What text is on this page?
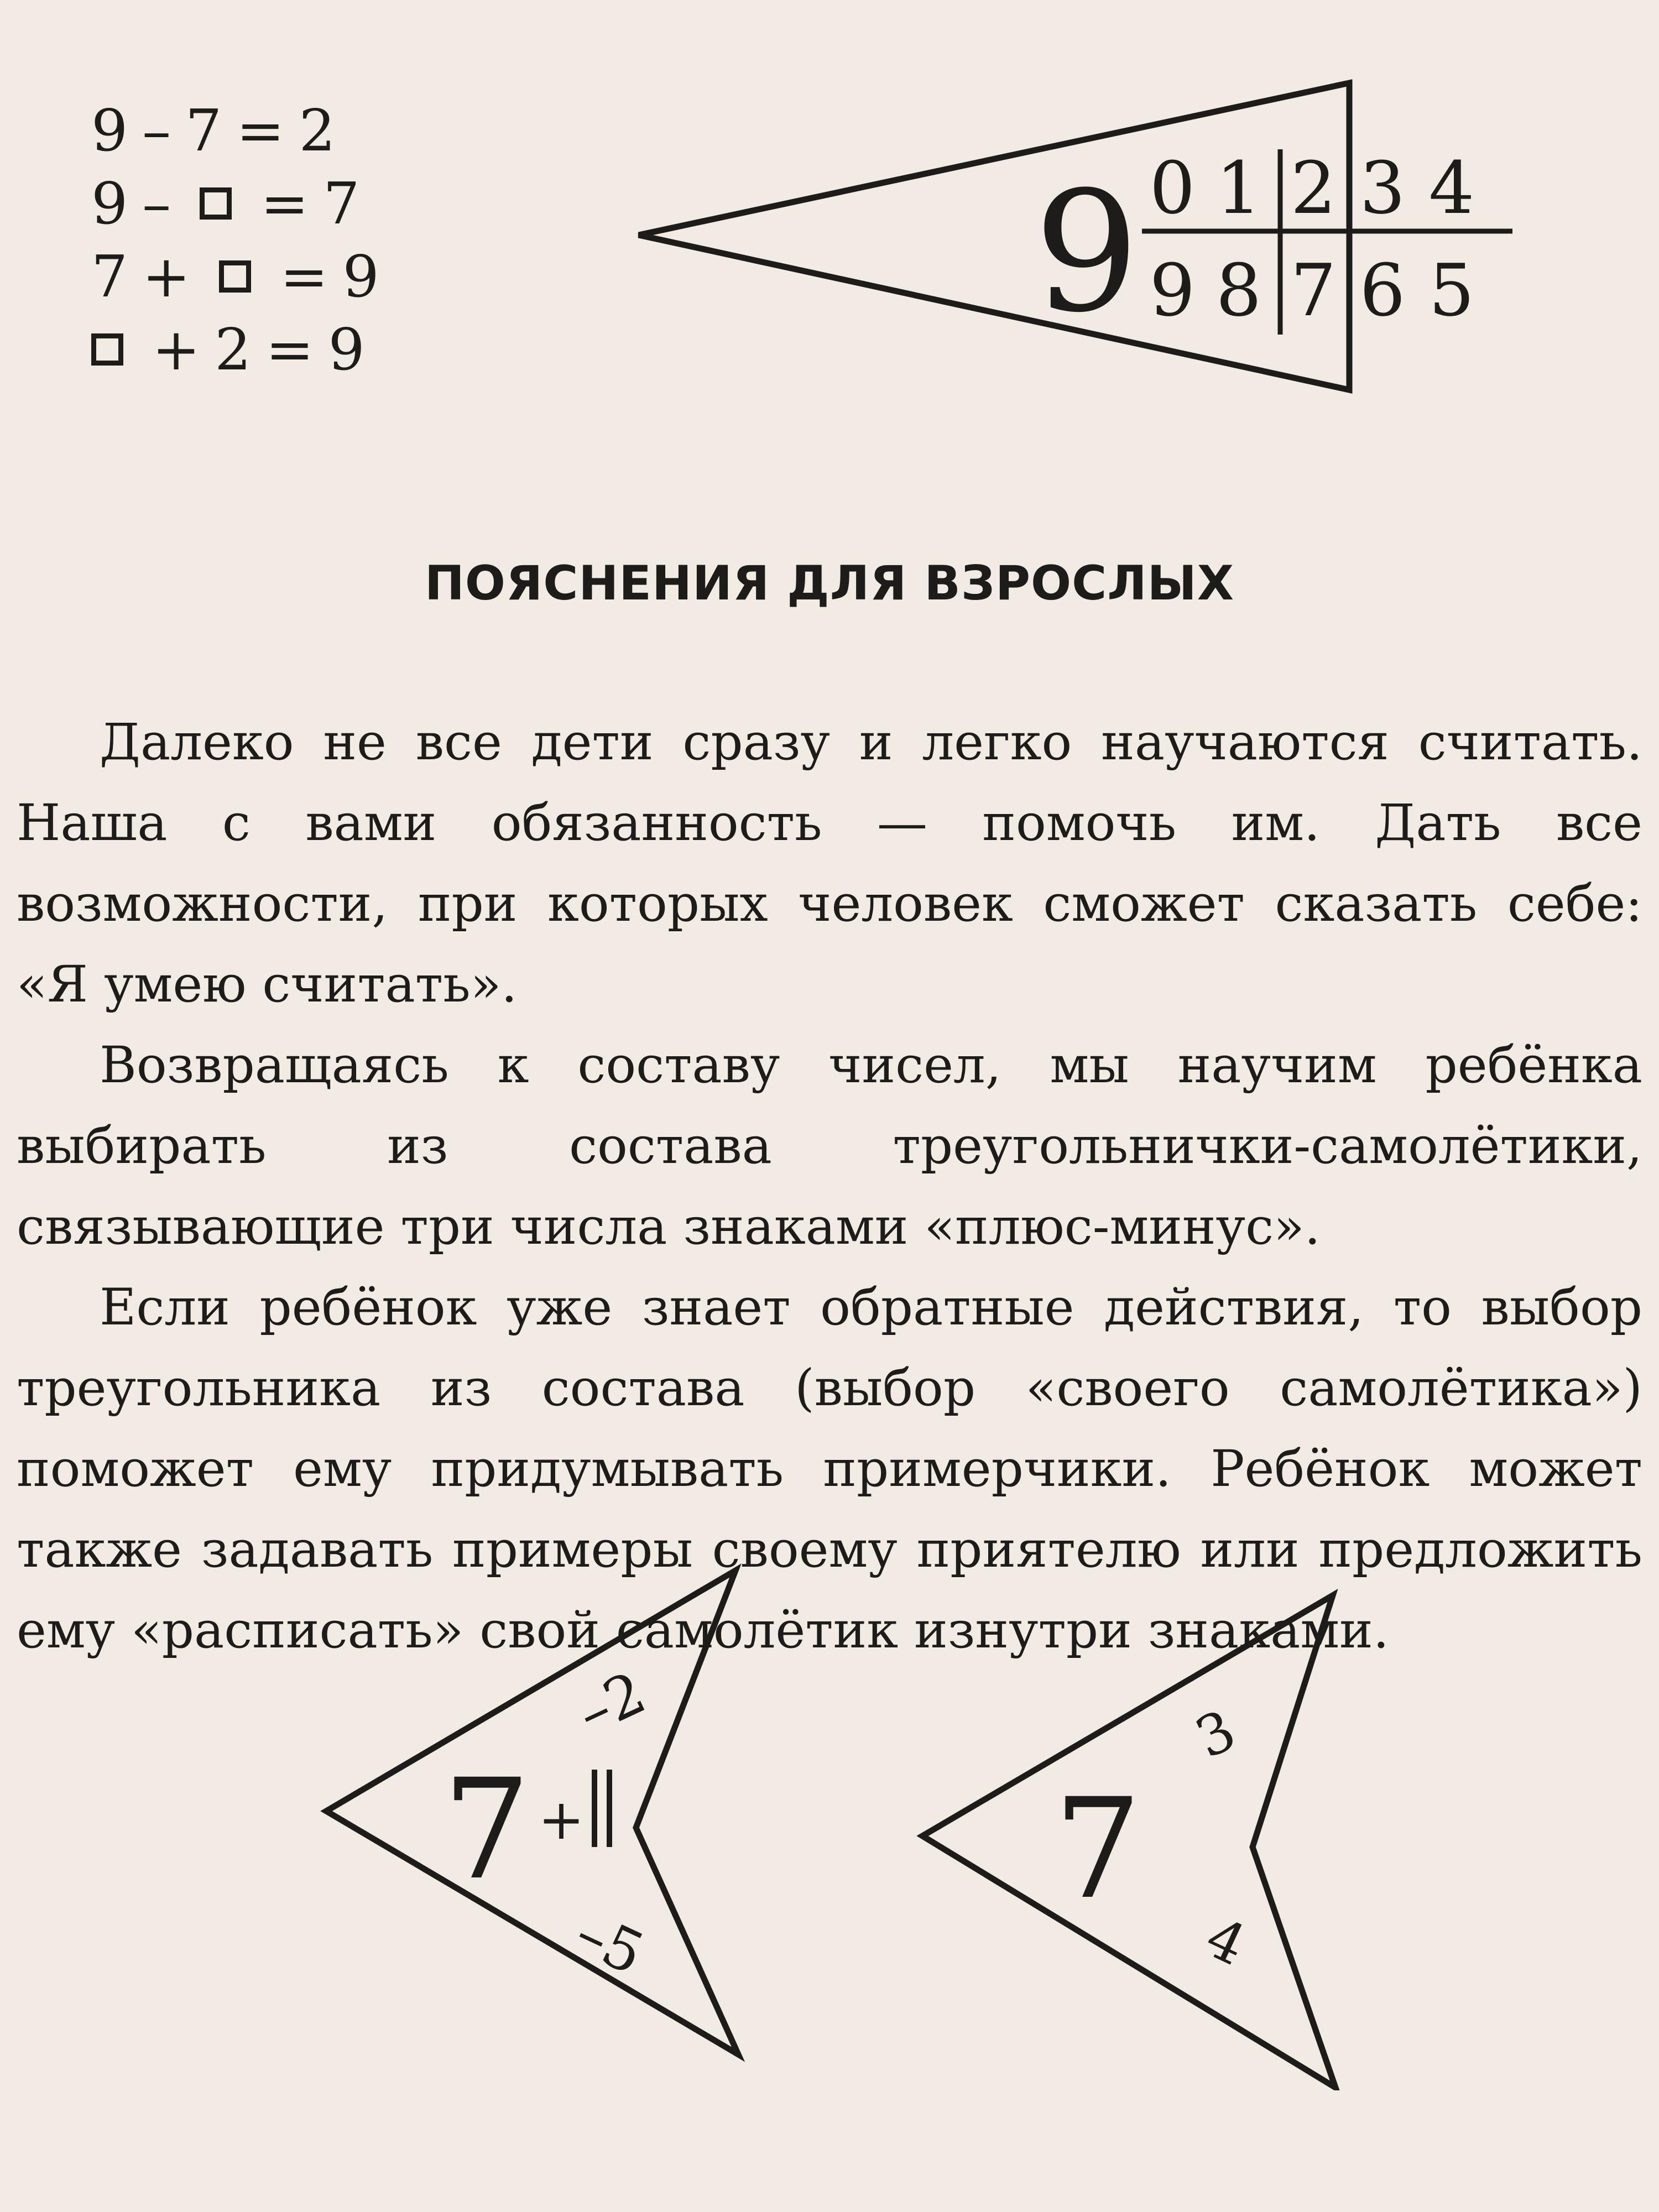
9 – 7 = 2
9 – = 7
7 + = 9
+ 2 = 9
9 0 1 2 3 4
9 8 7 6 5
ПОЯСНЕНИЯ ДЛЯ ВЗРОСЛЫХ

Далеко не все дети сразу и легко научаются считать. Наша с вами обязанность — помочь им. Дать все возможности, при которых человек сможет сказать себе: «Я умею считать».

Возвращаясь к составу чисел, мы научим ребёнка выбирать из состава треугольнички-самолётики, связывающие три числа знаками «плюс-минус».

Если ребёнок уже знает обратные действия, то выбор треугольника из состава (выбор «своего самолётика») поможет ему придумывать примерчики. Ребёнок может также задавать примеры своему приятелю или предложить ему «расписать» свой самолётик изнутри знаками.

7 +
–2
–5
7
3
4
